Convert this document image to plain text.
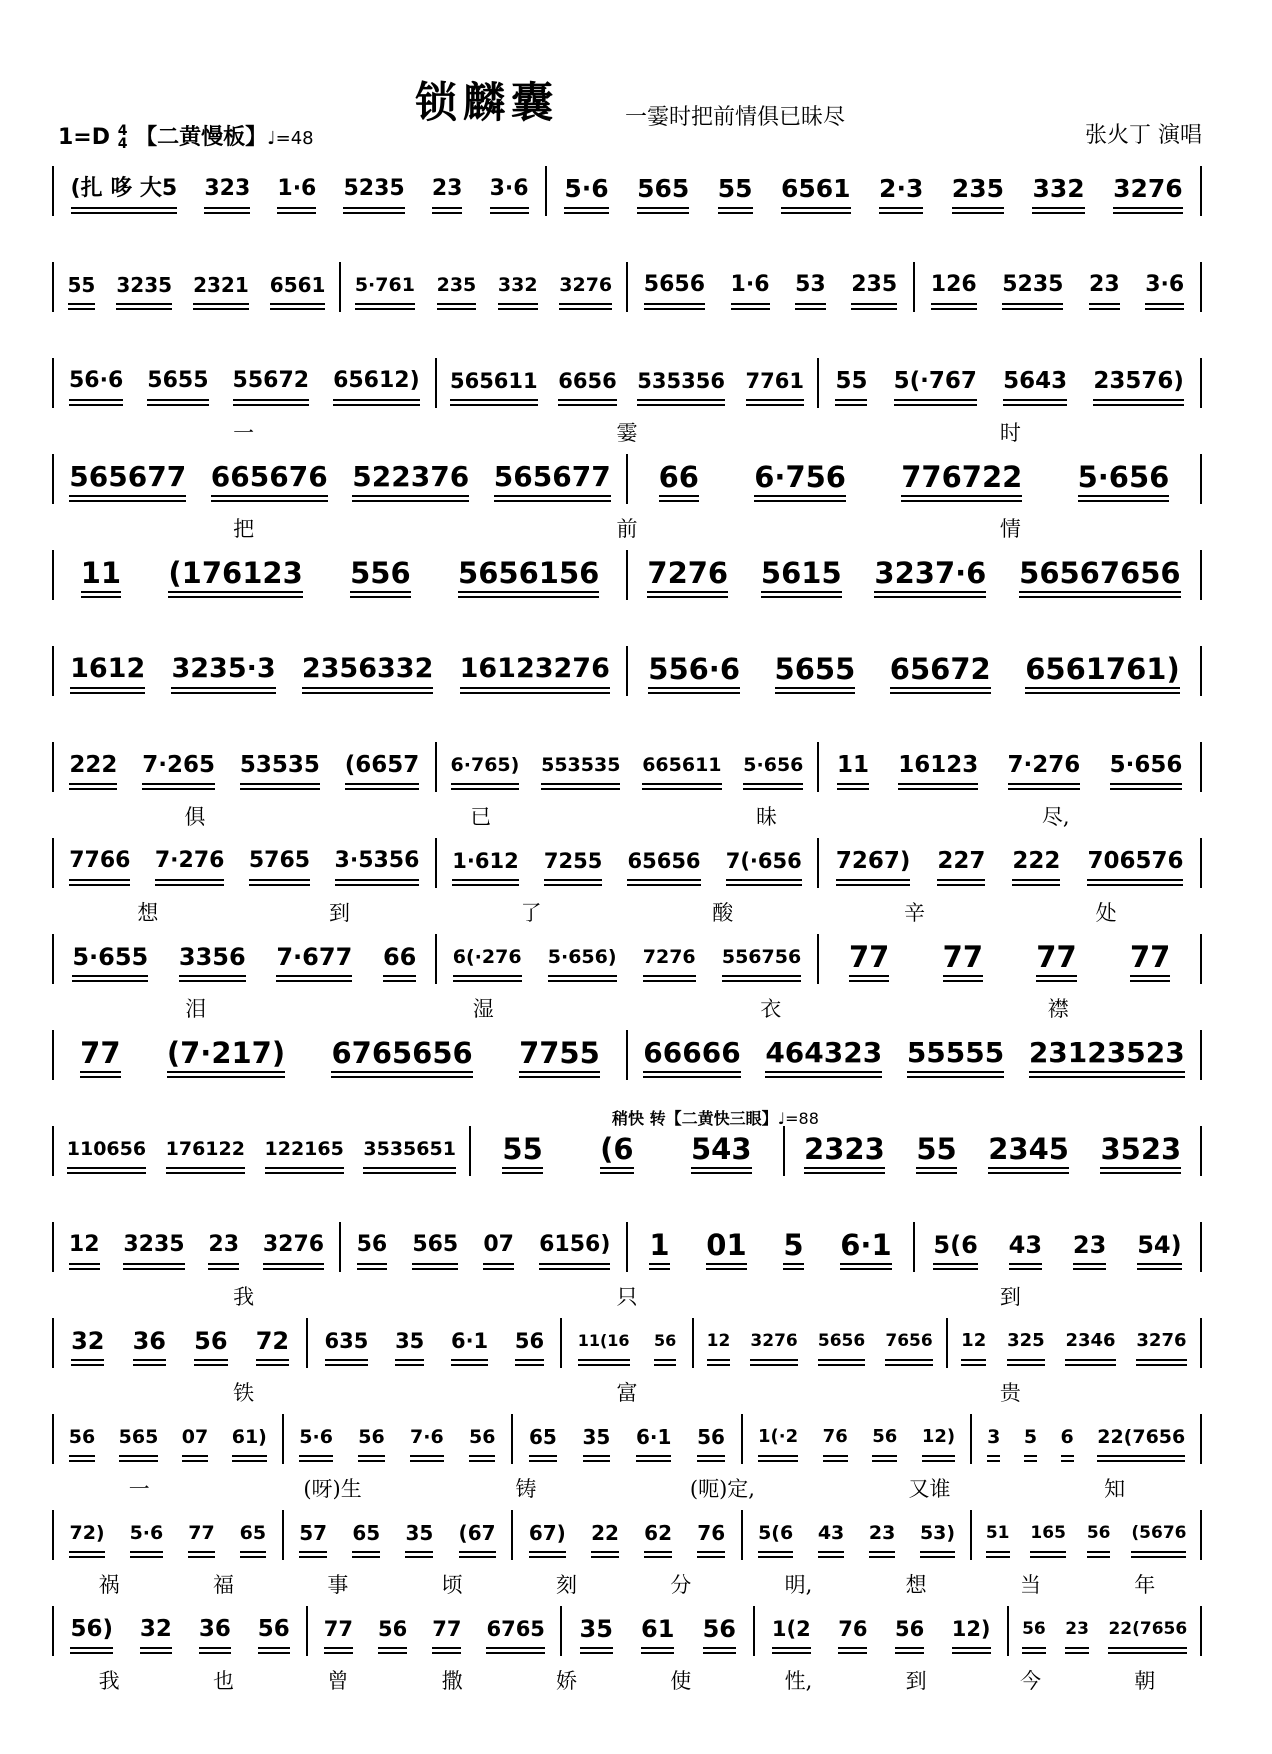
锁麟囊	一霎时把前情俱已昧尽
1=D 4
4 【二黄慢板】♩=48	张火丁 演唱
(扎 哆 大5 323 1·6 5235 23 3·6 5·6 565 55 6561 2·3 235 332 3276
55 3235 2321 6561 5·761 235 332 3276 5656 1·6 53 235 126 5235 23 3·6
56·6 5655 55672 65612) 565611 6656 535356 7761 55 5(·767 5643 23576)
一	霎	时
565677 665676 522376 565677 66 6·756 776722 5·656
把	前	情
11 (176123 556 5656156 7276 5615 3237·6 56567656
1612 3235·3 2356332 16123276 556·6 5655 65672 6561761)
222 7·265 53535 (6657 6·765) 553535 665611 5·656 11 16123 7·276 5·656
俱	已	昧	尽,
7766 7·276 5765 3·5356 1·612 7255 65656 7(·656 7267) 227 222 706576
想	到	了	酸	辛	处
5·655 3356 7·677 66 6(·276 5·656) 7276 556756 77 77 77 77
泪	湿	衣	襟
77 (7·217) 6765656 7755 66666 464323 55555 23123523
稍快 转【二黄快三眼】♩=88
110656 176122 122165 3535651 55 (6 543 2323 55 2345 3523
12 3235 23 3276 56 565 07 6156) 1 01 5 6·1 5(6 43 23 54)
我	只	到
32 36 56 72 635 35 6·1 56 11(16 56 12 3276 5656 7656 12 325 2346 3276
铁	富	贵
56 565 07 61) 5·6 56 7·6 56 65 35 6·1 56 1(·2 76 56 12) 3 5 6 22(7656
一	(呀)生	铸	(呃)定,	又谁	知
72) 5·6 77 65 57 65 35 (67 67) 22 62 76 5(6 43 23 53) 51 165 56 (5676
祸	福	事	顷	刻	分	明,	想	当	年
56) 32 36 56 77 56 77 6765 35 61 56 1(2 76 56 12) 56 23 22(7656
我	也	曾	撒	娇	使	性,	到	今	朝
